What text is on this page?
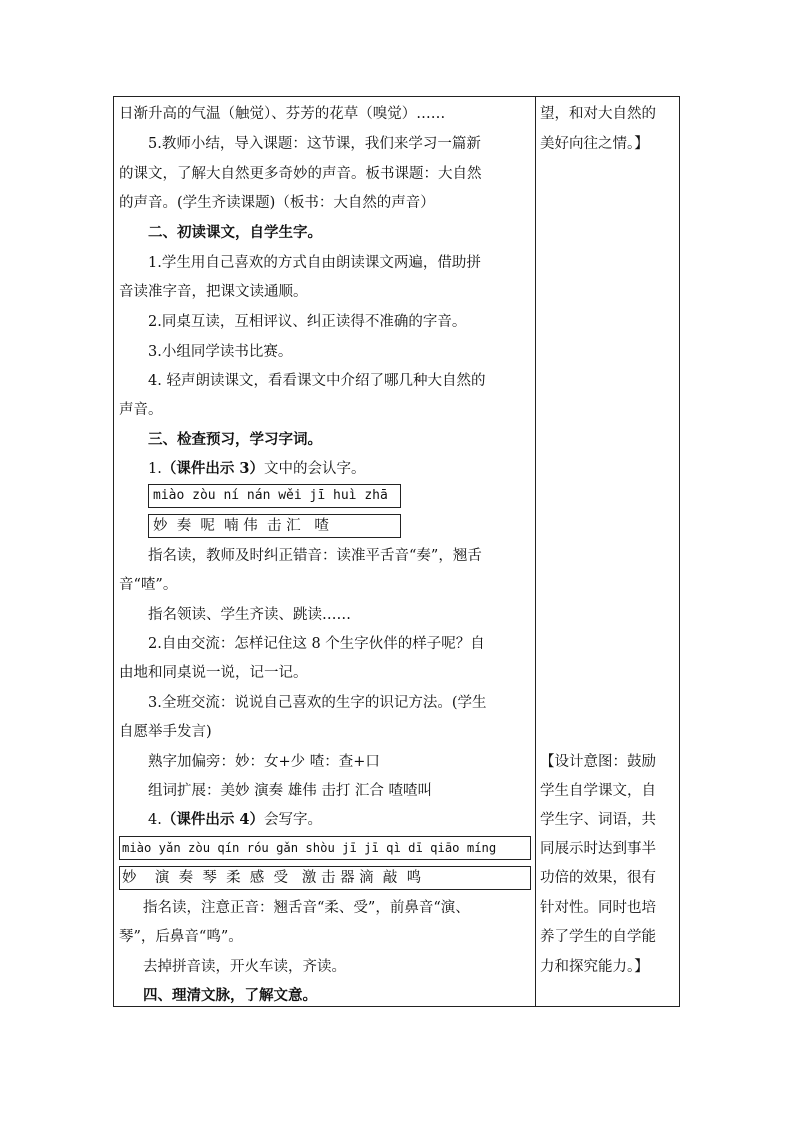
日渐升高的气温（触觉）、芬芳的花草（嗅觉）……
5.教师小结，导入课题：这节课，我们来学习一篇新
的课文，了解大自然更多奇妙的声音。板书课题：大自然
的声音。(学生齐读课题)（板书：大自然的声音）
二、初读课文，自学生字。
1.学生用自己喜欢的方式自由朗读课文两遍，借助拼
音读准字音，把课文读通顺。
2.同桌互读，互相评议、纠正读得不准确的字音。
3.小组同学读书比赛。
4. 轻声朗读课文，看看课文中介绍了哪几种大自然的
声音。
三、检查预习，学习字词。
1.（课件出示 3）文中的会认字。
miào zòu ní nán wěi jī huì zhā
妙  奏  呢  喃 伟  击 汇   喳
指名读，教师及时纠正错音：读准平舌音“奏”，翘舌
音“喳”。
指名领读、学生齐读、跳读……
2.自由交流：怎样记住这 8 个生字伙伴的样子呢？自
由地和同桌说一说，记一记。
3.全班交流：说说自己喜欢的生字的识记方法。(学生
自愿举手发言)
熟字加偏旁：妙：女+少 喳：查+口
组词扩展：美妙 演奏 雄伟 击打 汇合 喳喳叫
4.（课件出示 4）会写字。
miào yǎn zòu qín róu gǎn shòu jī jī qì dī qiāo míng
妙    演  奏  琴  柔  感  受   激 击 器 滴  敲  鸣
指名读，注意正音：翘舌音“柔、受”，前鼻音“演、
琴”，后鼻音“鸣”。
去掉拼音读，开火车读，齐读。
四、理清文脉，了解文意。
望，和对大自然的
美好向往之情。】
【设计意图：鼓励
学生自学课文，自
学生字、词语，共
同展示时达到事半
功倍的效果，很有
针对性。同时也培
养了学生的自学能
力和探究能力。】
